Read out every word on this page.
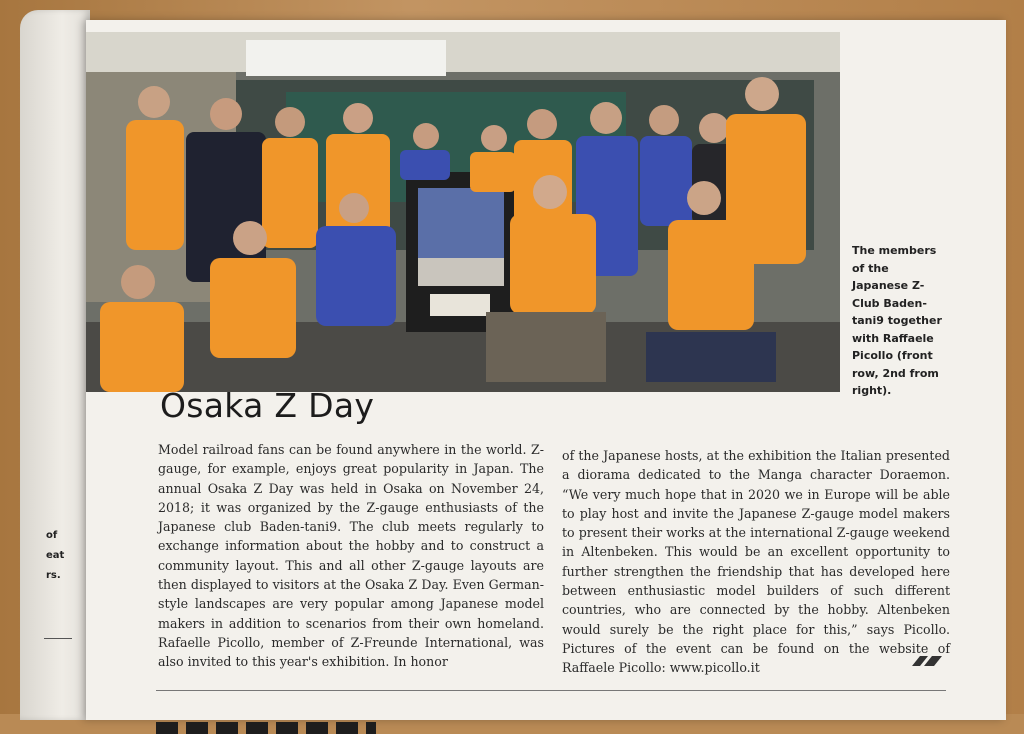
of
eat
rs.
The members of the Japanese Z-Club Baden-tani9 together with Raffaele Picollo (front row, 2nd from right).
Osaka Z Day

Model railroad fans can be found anywhere in the world. Z-gauge, for example, enjoys great popularity in Japan. The annual Osaka Z Day was held in Osaka on November 24, 2018; it was organized by the Z-gauge enthusiasts of the Japanese club Baden-tani9. The club meets regularly to exchange information about the hobby and to construct a community layout. This and all other Z-gauge layouts are then displayed to visitors at the Osaka Z Day. Even German-style landscapes are very popular among Japanese model makers in addition to scenarios from their own homeland. Rafaelle Picollo, member of Z-Freunde International, was also invited to this year's exhibition. In honor

of the Japanese hosts, at the exhibition the Italian presented a diorama dedicated to the Manga character Doraemon. “We very much hope that in 2020 we in Europe will be able to play host and invite the Japanese Z-gauge model makers to present their works at the international Z-gauge weekend in Altenbeken. This would be an excellent opportunity to further strengthen the friendship that has developed here between enthusiastic model builders of such different countries, who are connected by the hobby. Altenbeken would surely be the right place for this,” says Picollo. Pictures of the event can be found on the website of Raffaele Picollo: www.picollo.it
